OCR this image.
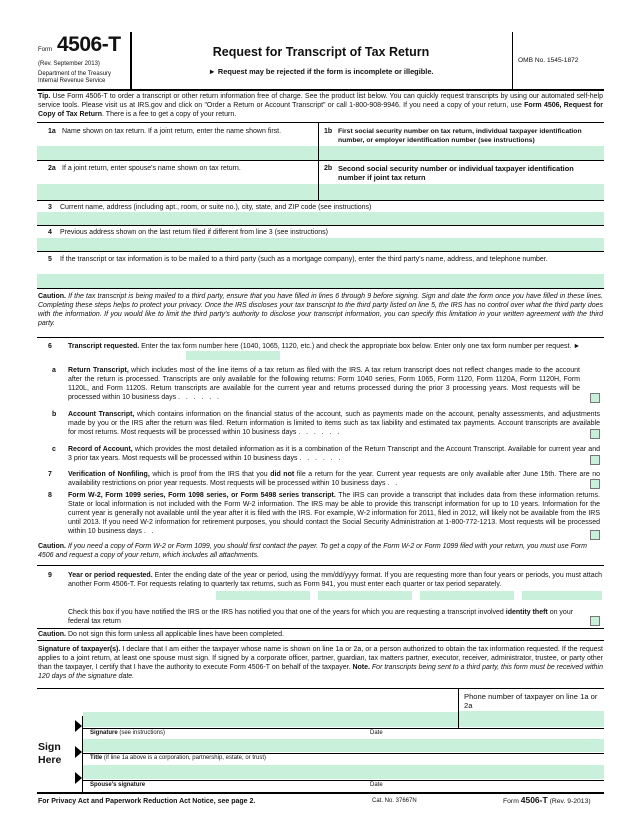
Form 4506-T
(Rev. September 2013)
Department of the Treasury
Internal Revenue Service
Request for Transcript of Tax Return
► Request may be rejected if the form is incomplete or illegible.
OMB No. 1545-1872
Tip. Use Form 4506-T to order a transcript or other return information free of charge. See the product list below. You can quickly request transcripts by using our automated self-help service tools. Please visit us at IRS.gov and click on "Order a Return or Account Transcript" or call 1-800-908-9946. If you need a copy of your return, use Form 4506, Request for Copy of Tax Return. There is a fee to get a copy of your return.
1a Name shown on tax return. If a joint return, enter the name shown first.	1b First social security number on tax return, individual taxpayer identification number, or employer identification number (see instructions)
2a If a joint return, enter spouse's name shown on tax return.	2b Second social security number or individual taxpayer identification number if joint tax return
3 Current name, address (including apt., room, or suite no.), city, state, and ZIP code (see instructions)
4 Previous address shown on the last return filed if different from line 3 (see instructions)
5 If the transcript or tax information is to be mailed to a third party (such as a mortgage company), enter the third party's name, address, and telephone number.
Caution. If the tax transcript is being mailed to a third party, ensure that you have filled in lines 6 through 9 before signing. Sign and date the form once you have filled in these lines. Completing these steps helps to protect your privacy. Once the IRS discloses your tax transcript to the third party listed on line 5, the IRS has no control over what the third party does with the information. If you would like to limit the third party's authority to disclose your transcript information, you can specify this limitation in your written agreement with the third party.
6 Transcript requested. Enter the tax form number here (1040, 1065, 1120, etc.) and check the appropriate box below. Enter only one tax form number per request. ►
a Return Transcript, which includes most of the line items of a tax return as filed with the IRS. A tax return transcript does not reflect changes made to the account after the return is processed. Transcripts are only available for the following returns: Form 1040 series, Form 1065, Form 1120, Form 1120A, Form 1120H, Form 1120L, and Form 1120S. Return transcripts are available for the current year and returns processed during the prior 3 processing years. Most requests will be processed within 10 business days .   .   .   .   .   .
b Account Transcript, which contains information on the financial status of the account, such as payments made on the account, penalty assessments, and adjustments made by you or the IRS after the return was filed. Return information is limited to items such as tax liability and estimated tax payments. Account transcripts are available for most returns. Most requests will be processed within 10 business days .   .   .   .   .   .
c Record of Account, which provides the most detailed information as it is a combination of the Return Transcript and the Account Transcript. Available for current year and 3 prior tax years. Most requests will be processed within 10 business days .   .   .   .   .   .
7 Verification of Nonfiling, which is proof from the IRS that you did not file a return for the year. Current year requests are only available after June 15th. There are no availability restrictions on prior year requests. Most requests will be processed within 10 business days .   .
8 Form W-2, Form 1099 series, Form 1098 series, or Form 5498 series transcript. The IRS can provide a transcript that includes data from these information returns. State or local information is not included with the Form W-2 information. The IRS may be able to provide this transcript information for up to 10 years. Information for the current year is generally not available until the year after it is filed with the IRS. For example, W-2 information for 2011, filed in 2012, will likely not be available from the IRS until 2013. If you need W-2 information for retirement purposes, you should contact the Social Security Administration at 1-800-772-1213. Most requests will be processed within 10 business days .   .
Caution. If you need a copy of Form W-2 or Form 1099, you should first contact the payer. To get a copy of the Form W-2 or Form 1099 filed with your return, you must use Form 4506 and request a copy of your return, which includes all attachments.
9 Year or period requested. Enter the ending date of the year or period, using the mm/dd/yyyy format. If you are requesting more than four years or periods, you must attach another Form 4506-T. For requests relating to quarterly tax returns, such as Form 941, you must enter each quarter or tax period separately.
Check this box if you have notified the IRS or the IRS has notified you that one of the years for which you are requesting a transcript involved identity theft on your federal tax return
Caution. Do not sign this form unless all applicable lines have been completed.
Signature of taxpayer(s). I declare that I am either the taxpayer whose name is shown on line 1a or 2a, or a person authorized to obtain the tax information requested. If the request applies to a joint return, at least one spouse must sign. If signed by a corporate officer, partner, guardian, tax matters partner, executor, receiver, administrator, trustee, or party other than the taxpayer, I certify that I have the authority to execute Form 4506-T on behalf of the taxpayer. Note. For transcripts being sent to a third party, this form must be received within 120 days of the signature date.
Phone number of taxpayer on line 1a or 2a
Sign Here
Signature (see instructions)	Date
Title (if line 1a above is a corporation, partnership, estate, or trust)
Spouse's signature	Date
For Privacy Act and Paperwork Reduction Act Notice, see page 2.	Cat. No. 37667N	Form 4506-T (Rev. 9-2013)
